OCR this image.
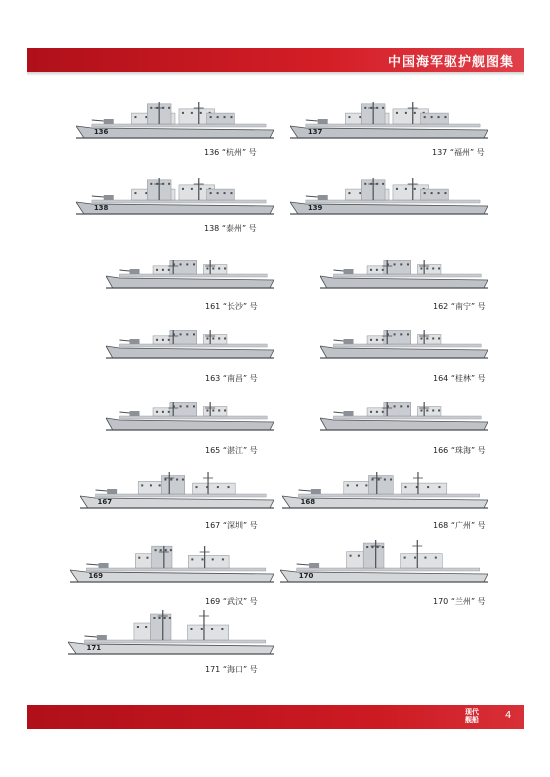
中国海军驱护舰图集
136
136 “杭州” 号
137
137 “福州” 号
138
138 “泰州” 号
139
161 “长沙” 号	162 “南宁” 号
163 “南昌” 号	164 “桂林” 号
165 “湛江” 号	166 “珠海” 号
167
167 “深圳” 号
168
168 “广州” 号
169
169 “武汉” 号
170
170 “兰州” 号
171
171 “海口” 号
现代
舰船	4
